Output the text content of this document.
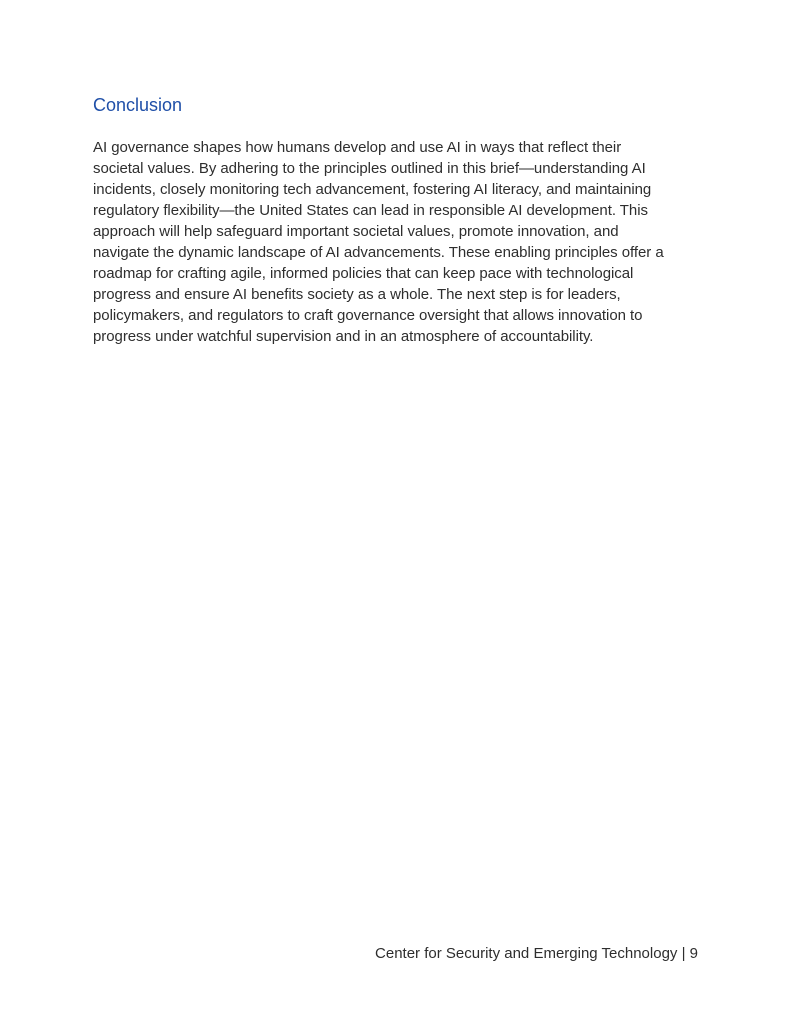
Conclusion
AI governance shapes how humans develop and use AI in ways that reflect their
societal values. By adhering to the principles outlined in this brief—understanding AI
incidents, closely monitoring tech advancement, fostering AI literacy, and maintaining
regulatory flexibility—the United States can lead in responsible AI development. This
approach will help safeguard important societal values, promote innovation, and
navigate the dynamic landscape of AI advancements. These enabling principles offer a
roadmap for crafting agile, informed policies that can keep pace with technological
progress and ensure AI benefits society as a whole. The next step is for leaders,
policymakers, and regulators to craft governance oversight that allows innovation to
progress under watchful supervision and in an atmosphere of accountability.
Center for Security and Emerging Technology | 9
